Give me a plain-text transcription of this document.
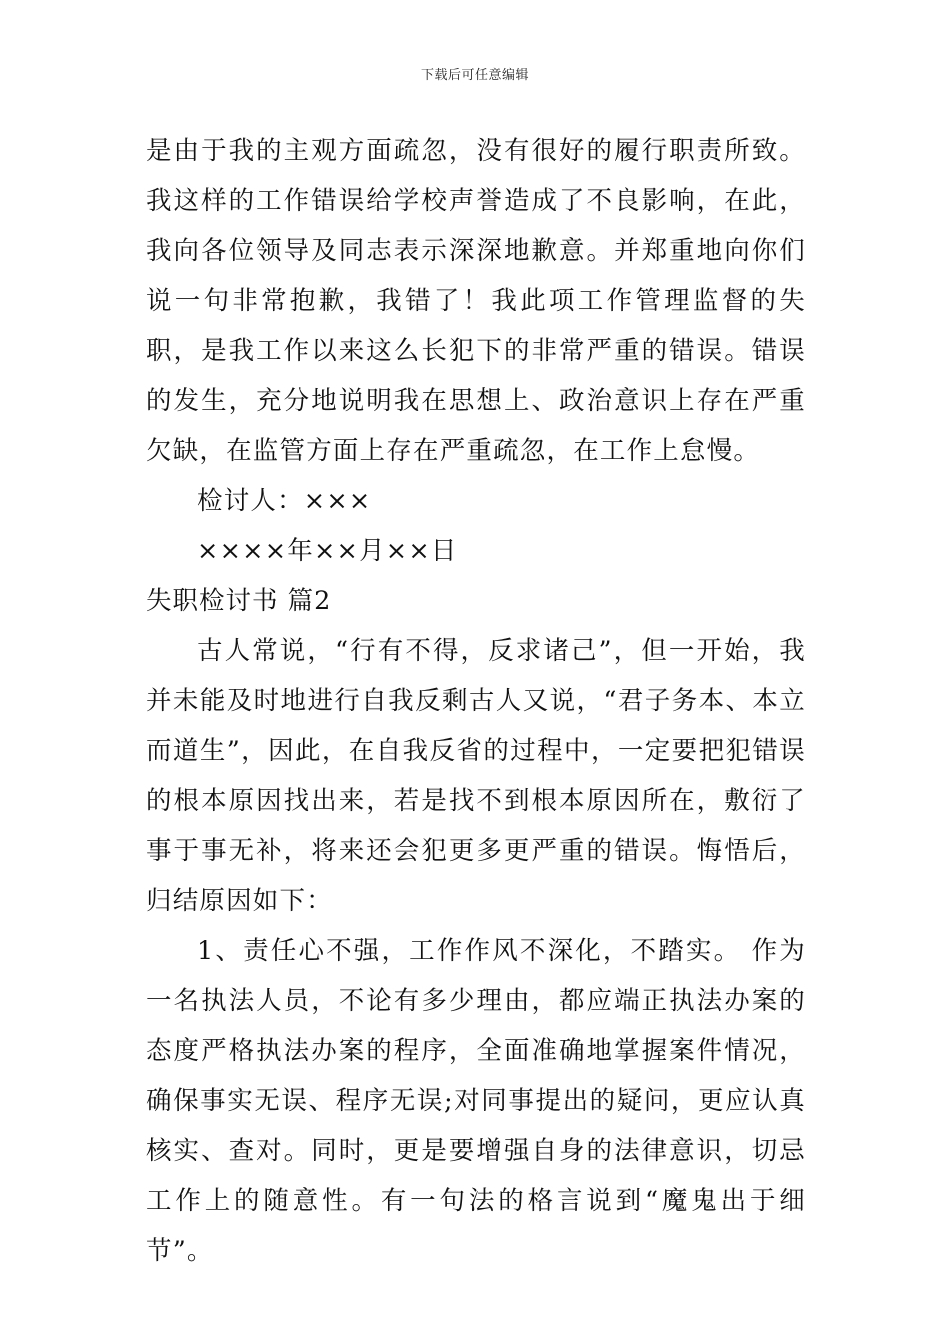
下载后可任意编辑

是由于我的主观方面疏忽，没有很好的履行职责所致。我这样的工作错误给学校声誉造成了不良影响，在此，我向各位领导及同志表示深深地歉意。并郑重地向你们说一句非常抱歉，我错了！我此项工作管理监督的失职，是我工作以来这么长犯下的非常严重的错误。错误的发生，充分地说明我在思想上、政治意识上存在严重欠缺，在监管方面上存在严重疏忽，在工作上怠慢。

检讨人：×××

××××年××月××日

失职检讨书 篇2

古人常说，“行有不得，反求诸己”，但一开始，我并未能及时地进行自我反剩古人又说，“君子务本、本立而道生”，因此，在自我反省的过程中，一定要把犯错误的根本原因找出来，若是找不到根本原因所在，敷衍了事于事无补，将来还会犯更多更严重的错误。悔悟后，归结原因如下：

1、责任心不强，工作作风不深化，不踏实。 作为一名执法人员，不论有多少理由，都应端正执法办案的态度严格执法办案的程序，全面准确地掌握案件情况，确保事实无误、程序无误;对同事提出的疑问，更应认真核实、查对。同时，更是要增强自身的法律意识，切忌工作上的随意性。有一句法的格言说到“魔鬼出于细节”。
